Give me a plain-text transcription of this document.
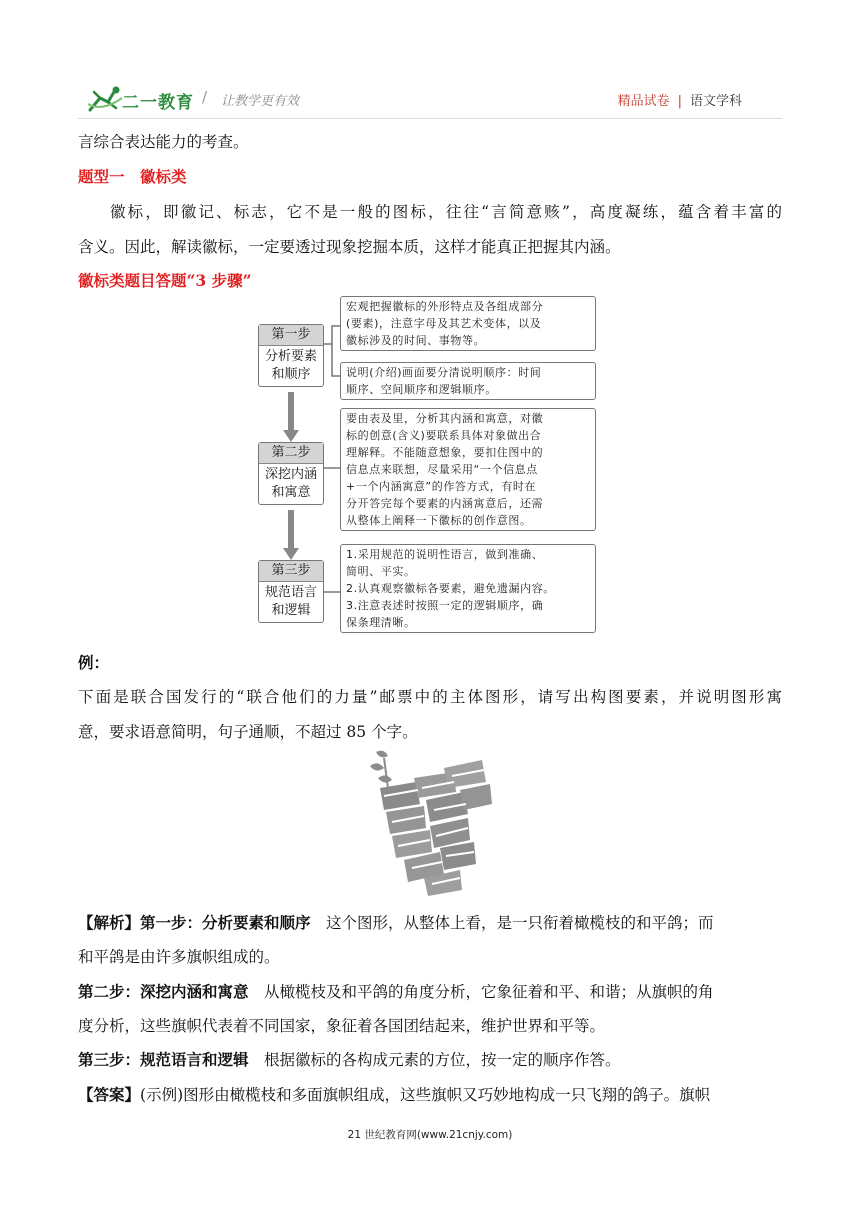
二一教育 / 让教学更有效	精品试卷 | 语文学科
言综合表达能力的考查。
题型一　徽标类
徽标，即徽记、标志，它不是一般的图标，往往“言简意赅”，高度凝练，蕴含着丰富的
含义。因此，解读徽标，一定要透过现象挖掘本质，这样才能真正把握其内涵。
徽标类题目答题“3 步骤”
第一步
分析要素
和顺序
第二步
深挖内涵
和寓意
第三步
规范语言
和逻辑
宏观把握徽标的外形特点及各组成部分
(要素)，注意字母及其艺术变体，以及
徽标涉及的时间、事物等。
说明(介绍)画面要分清说明顺序：时间
顺序、空间顺序和逻辑顺序。
要由表及里，分析其内涵和寓意，对徽
标的创意(含义)要联系具体对象做出合
理解释。不能随意想象，要扣住图中的
信息点来联想，尽量采用“一个信息点
+一个内涵寓意”的作答方式，有时在
分开答完每个要素的内涵寓意后，还需
从整体上阐释一下徽标的创作意图。
1.采用规范的说明性语言，做到准确、
简明、平实。
2.认真观察徽标各要素，避免遗漏内容。
3.注意表述时按照一定的逻辑顺序，确
保条理清晰。
例：
下面是联合国发行的“联合他们的力量”邮票中的主体图形，请写出构图要素，并说明图形寓
意，要求语意简明，句子通顺，不超过 85 个字。
【解析】第一步：分析要素和顺序　这个图形，从整体上看，是一只衔着橄榄枝的和平鸽；而
和平鸽是由许多旗帜组成的。
第二步：深挖内涵和寓意　从橄榄枝及和平鸽的角度分析，它象征着和平、和谐；从旗帜的角
度分析，这些旗帜代表着不同国家，象征着各国团结起来，维护世界和平等。
第三步：规范语言和逻辑　根据徽标的各构成元素的方位，按一定的顺序作答。
【答案】(示例)图形由橄榄枝和多面旗帜组成，这些旗帜又巧妙地构成一只飞翔的鸽子。旗帜
21 世纪教育网(www.21cnjy.com)
